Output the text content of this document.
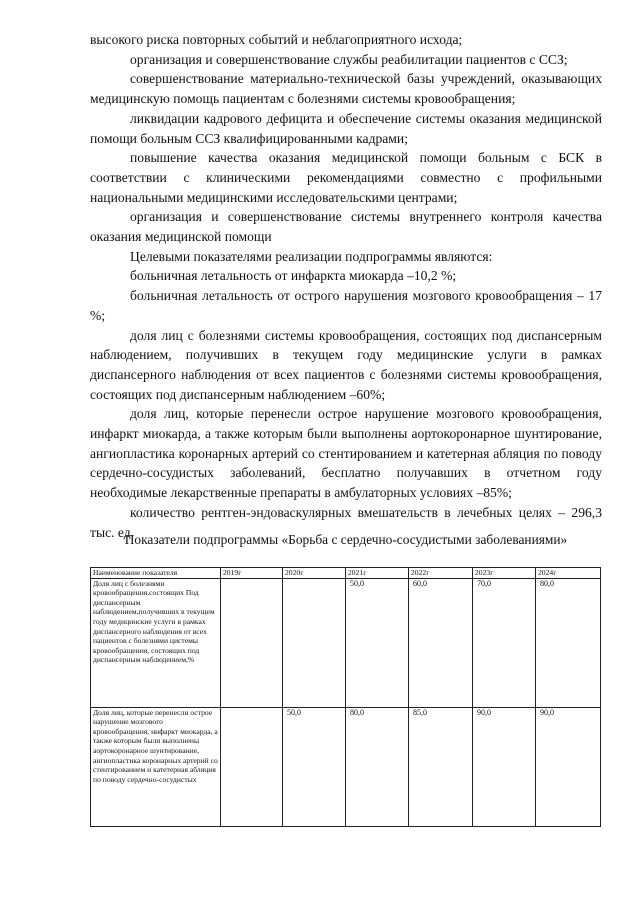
высокого риска повторных событий и неблагоприятного исхода;

организация и совершенствование службы реабилитации пациентов с ССЗ;

совершенствование материально-технической базы учреждений, оказывающих медицинскую помощь пациентам с болезнями системы кровообращения;

ликвидации кадрового дефицита и обеспечение системы оказания медицинской помощи больным ССЗ квалифицированными кадрами;

повышение качества оказания медицинской помощи больным с БСК в соответствии с клиническими рекомендациями совместно с профильными национальными медицинскими исследовательскими центрами;

организация и совершенствование системы внутреннего контроля качества оказания медицинской помощи

Целевыми показателями реализации подпрограммы являются:

больничная летальность от инфаркта миокарда –10,2 %;

больничная летальность от острого нарушения мозгового кровообращения – 17 %;

доля лиц с болезнями системы кровообращения, состоящих под диспансерным наблюдением, получивших в текущем году медицинские услуги в рамках диспансерного наблюдения от всех пациентов с болезнями системы кровообращения, состоящих под диспансерным наблюдением –60%;

доля лиц, которые перенесли острое нарушение мозгового кровообращения, инфаркт миокарда, а также которым были выполнены аортокоронарное шунтирование, ангиопластика коронарных артерий со стентированием и катетерная абляция по поводу сердечно-сосудистых заболеваний, бесплатно получавших в отчетном году необходимые лекарственные препараты в амбулаторных условиях –85%;

количество рентген-эндоваскулярных вмешательств в лечебных целях – 296,3 тыс. ед.

Показатели подпрограммы «Борьба с сердечно-сосудистыми заболеваниями»
Наименование показателя	2019г	2020г	2021г	2022г	2023г	2024г
Доля лиц с болезнями кровообращения,состоящих Под диспансерным наблюдением,получивших в текущем году медицинские услуги в рамках диспансерного наблюдения от всех пациентов с болезнями цистемы кровообращения, состоящих под диспансерным наблюдением,%			50,0	60,0	70,0	80,0
Доля лиц, которые перенесли острое нарушение мозгового кровообращения, инфаркт миокарда, а также которым были выполнены аортокоронарное шунтирование, ангиопластика коронарных артерий со стентированием и катетерная абляция по поводу сердечно-сосудистых		50,0	80,0	85,0	90,0	90,0
